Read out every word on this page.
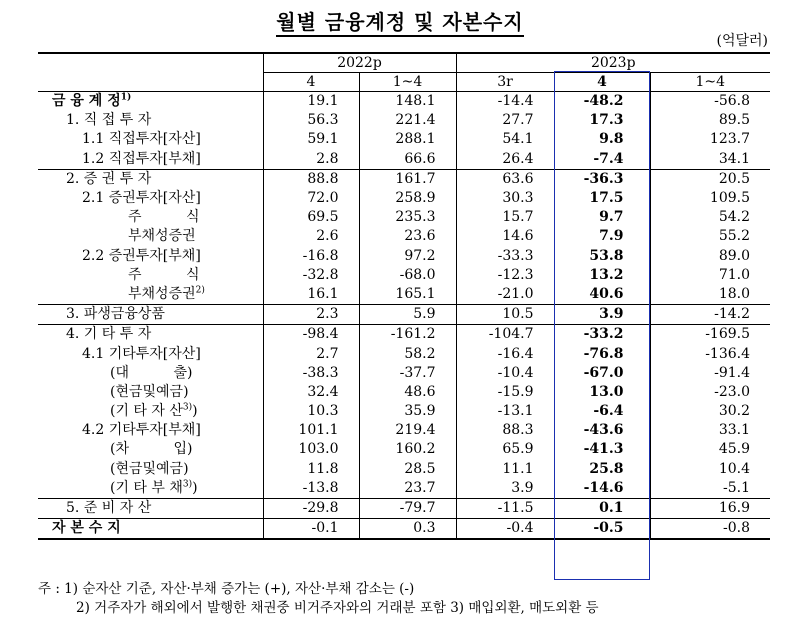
월별 금융계정 및 자본수지
(억달러)
	2022p		2023p		
	4	1~4	3r	4	1~4
금 융 계 정$^{1)}$	19.1	148.1	-14.4	-48.2	-56.8
1. 직 접 투 자	56.3	221.4	27.7	17.3	89.5
1.1 직접투자[자산]	59.1	288.1	54.1	9.8	123.7
1.2 직접투자[부채]	2.8	66.6	26.4	-7.4	34.1
2. 증 권 투 자	88.8	161.7	63.6	-36.3	20.5
2.1 증권투자[자산]	72.0	258.9	30.3	17.5	109.5
주          식	69.5	235.3	15.7	9.7	54.2
부채성증권	2.6	23.6	14.6	7.9	55.2
2.2 증권투자[부채]	-16.8	97.2	-33.3	53.8	89.0
주          식	-32.8	-68.0	-12.3	13.2	71.0
부채성증권$^{2)}$	16.1	165.1	-21.0	40.6	18.0
3. 파생금융상품	2.3	5.9	10.5	3.9	-14.2
4. 기 타 투 자	-98.4	-161.2	-104.7	-33.2	-169.5
4.1 기타투자[자산]	2.7	58.2	-16.4	-76.8	-136.4
(대          출)	-38.3	-37.7	-10.4	-67.0	-91.4
(현금및예금)	32.4	48.6	-15.9	13.0	-23.0
(기 타 자 산$^{3)}$)	10.3	35.9	-13.1	-6.4	30.2
4.2 기타투자[부채]	101.1	219.4	88.3	-43.6	33.1
(차          입)	103.0	160.2	65.9	-41.3	45.9
(현금및예금)	11.8	28.5	11.1	25.8	10.4
(기 타 부 채$^{3)}$)	-13.8	23.7	3.9	-14.6	-5.1
5. 준 비 자 산	-29.8	-79.7	-11.5	0.1	16.9
자 본 수 지	-0.1	0.3	-0.4	-0.5	-0.8
주 : 1) 순자산 기준, 자산·부채 증가는 (+), 자산·부채 감소는 (-)
2) 거주자가 해외에서 발행한 채권중 비거주자와의 거래분 포함 3) 매입외환, 매도외환 등
